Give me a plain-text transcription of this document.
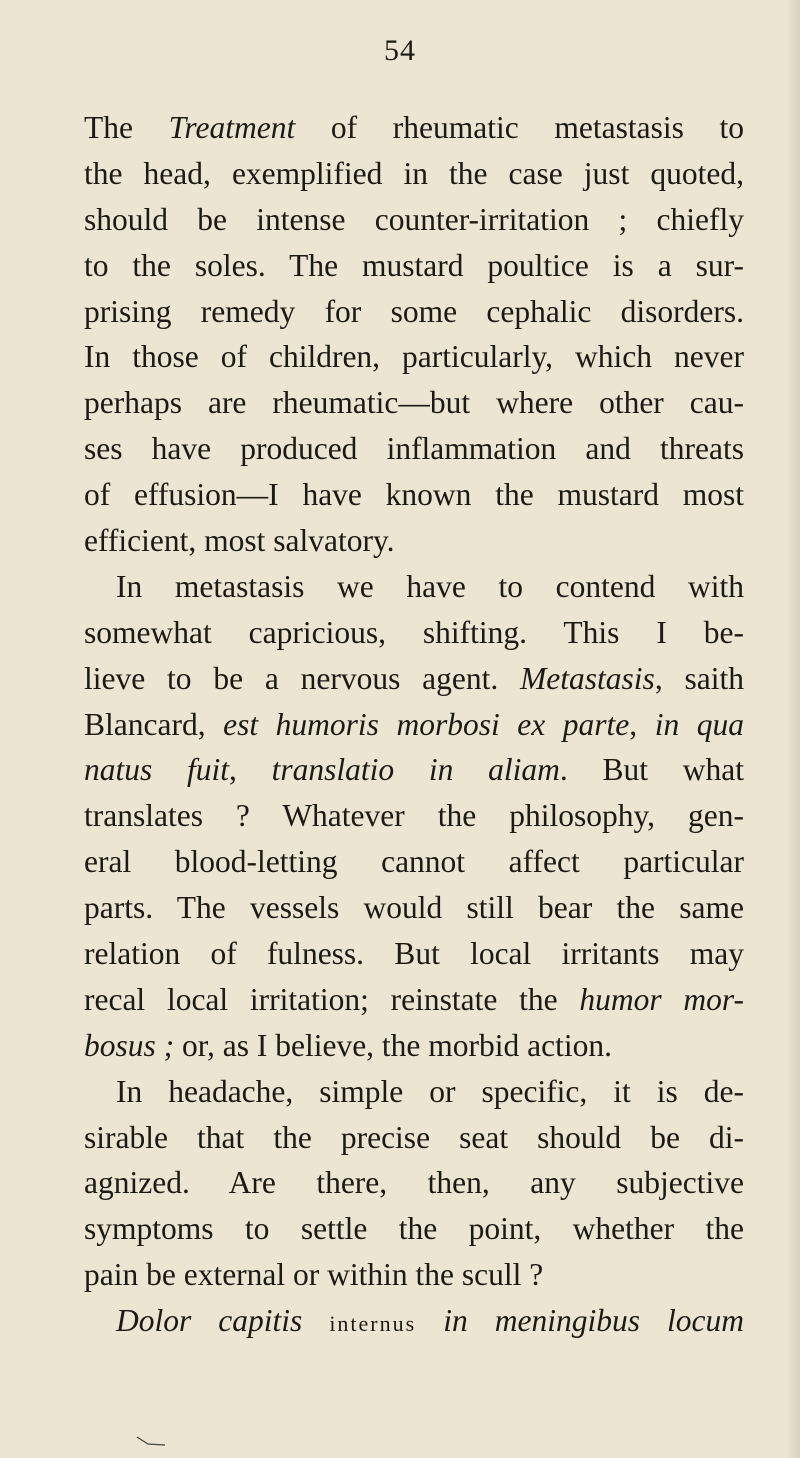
54
The Treatment of rheumatic metastasis to
the head, exemplified in the case just quoted,
should be intense counter-irritation ; chiefly
to the soles. The mustard poultice is a sur-
prising remedy for some cephalic disorders.
In those of children, particularly, which never
perhaps are rheumatic—but where other cau-
ses have produced inflammation and threats
of effusion—I have known the mustard most
efficient, most salvatory.
In metastasis we have to contend with
somewhat capricious, shifting. This I be-
lieve to be a nervous agent. Metastasis, saith
Blancard, est humoris morbosi ex parte, in qua
natus fuit, translatio in aliam. But what
translates ? Whatever the philosophy, gen-
eral blood-letting cannot affect particular
parts. The vessels would still bear the same
relation of fulness. But local irritants may
recal local irritation; reinstate the humor mor-
bosus ; or, as I believe, the morbid action.
In headache, simple or specific, it is de-
sirable that the precise seat should be di-
agnized. Are there, then, any subjective
symptoms to settle the point, whether the
pain be external or within the scull ?
Dolor capitis internus in meningibus locum
